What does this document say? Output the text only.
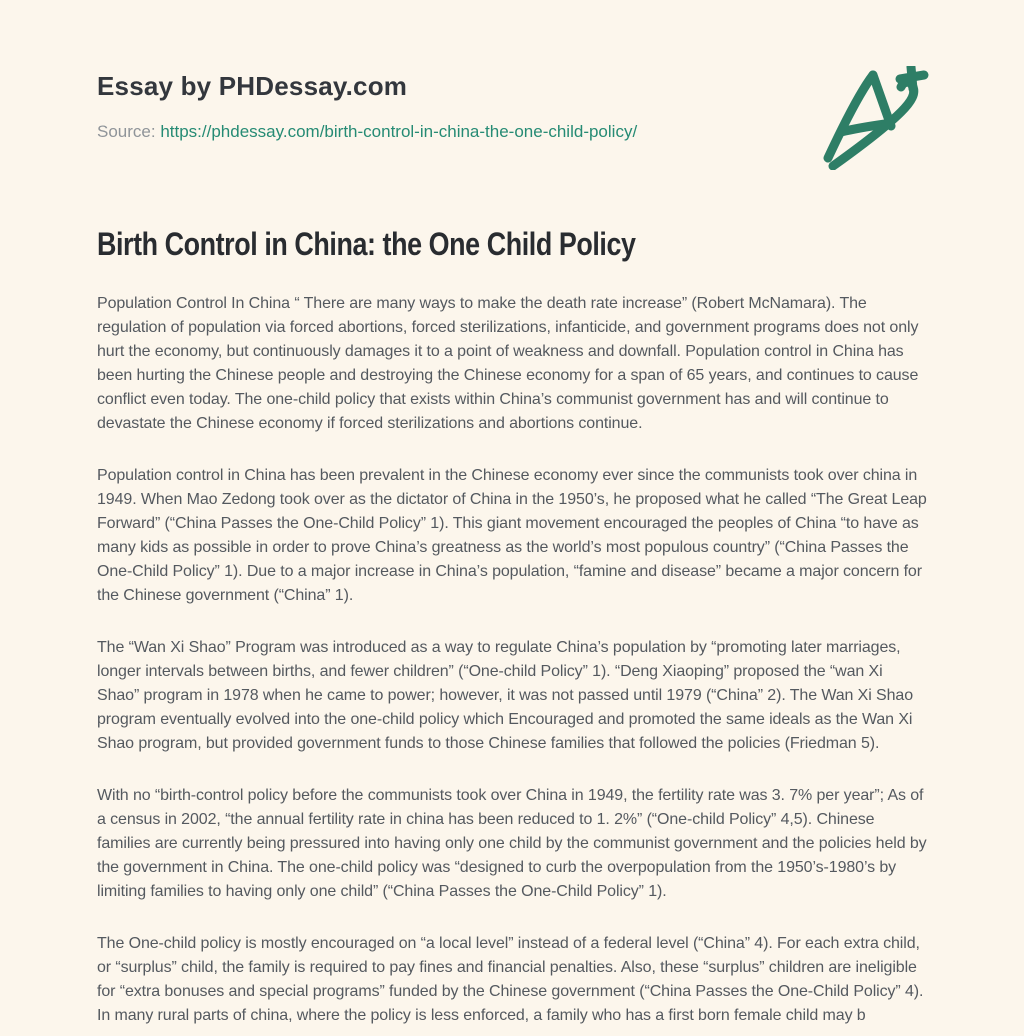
Essay by PHDessay.com

Source: https://phdessay.com/birth-control-in-china-the-one-child-policy/

Birth Control in China: the One Child Policy

Population Control In China “ There are many ways to make the death rate increase” (Robert McNamara). The regulation of population via forced abortions, forced sterilizations, infanticide, and government programs does not only hurt the economy, but continuously damages it to a point of weakness and downfall. Population control in China has been hurting the Chinese people and destroying the Chinese economy for a span of 65 years, and continues to cause conflict even today. The one-child policy that exists within China’s communist government has and will continue to devastate the Chinese economy if forced sterilizations and abortions continue.

Population control in China has been prevalent in the Chinese economy ever since the communists took over china in 1949. When Mao Zedong took over as the dictator of China in the 1950’s, he proposed what he called “The Great Leap Forward” (“China Passes the One-Child Policy” 1). This giant movement encouraged the peoples of China “to have as many kids as possible in order to prove China’s greatness as the world’s most populous country” (“China Passes the One-Child Policy” 1). Due to a major increase in China’s population, “famine and disease” became a major concern for the Chinese government (“China” 1).

The “Wan Xi Shao” Program was introduced as a way to regulate China’s population by “promoting later marriages, longer intervals between births, and fewer children” (“One-child Policy” 1). “Deng Xiaoping” proposed the “wan Xi Shao” program in 1978 when he came to power; however, it was not passed until 1979 (“China” 2). The Wan Xi Shao program eventually evolved into the one-child policy which Encouraged and promoted the same ideals as the Wan Xi Shao program, but provided government funds to those Chinese families that followed the policies (Friedman 5).

With no “birth-control policy before the communists took over China in 1949, the fertility rate was 3. 7% per year”; As of a census in 2002, “the annual fertility rate in china has been reduced to 1. 2%” (“One-child Policy” 4,5). Chinese families are currently being pressured into having only one child by the communist government and the policies held by the government in China. The one-child policy was “designed to curb the overpopulation from the 1950’s-1980’s by limiting families to having only one child” (“China Passes the One-Child Policy” 1).

The One-child policy is mostly encouraged on “a local level” instead of a federal level (“China” 4). For each extra child, or “surplus” child, the family is required to pay fines and financial penalties. Also, these “surplus” children are ineligible for “extra bonuses and special programs” funded by the Chinese government (“China Passes the One-Child Policy” 4). In many rural parts of china, where the policy is less enforced, a family who has a first born female child may b
